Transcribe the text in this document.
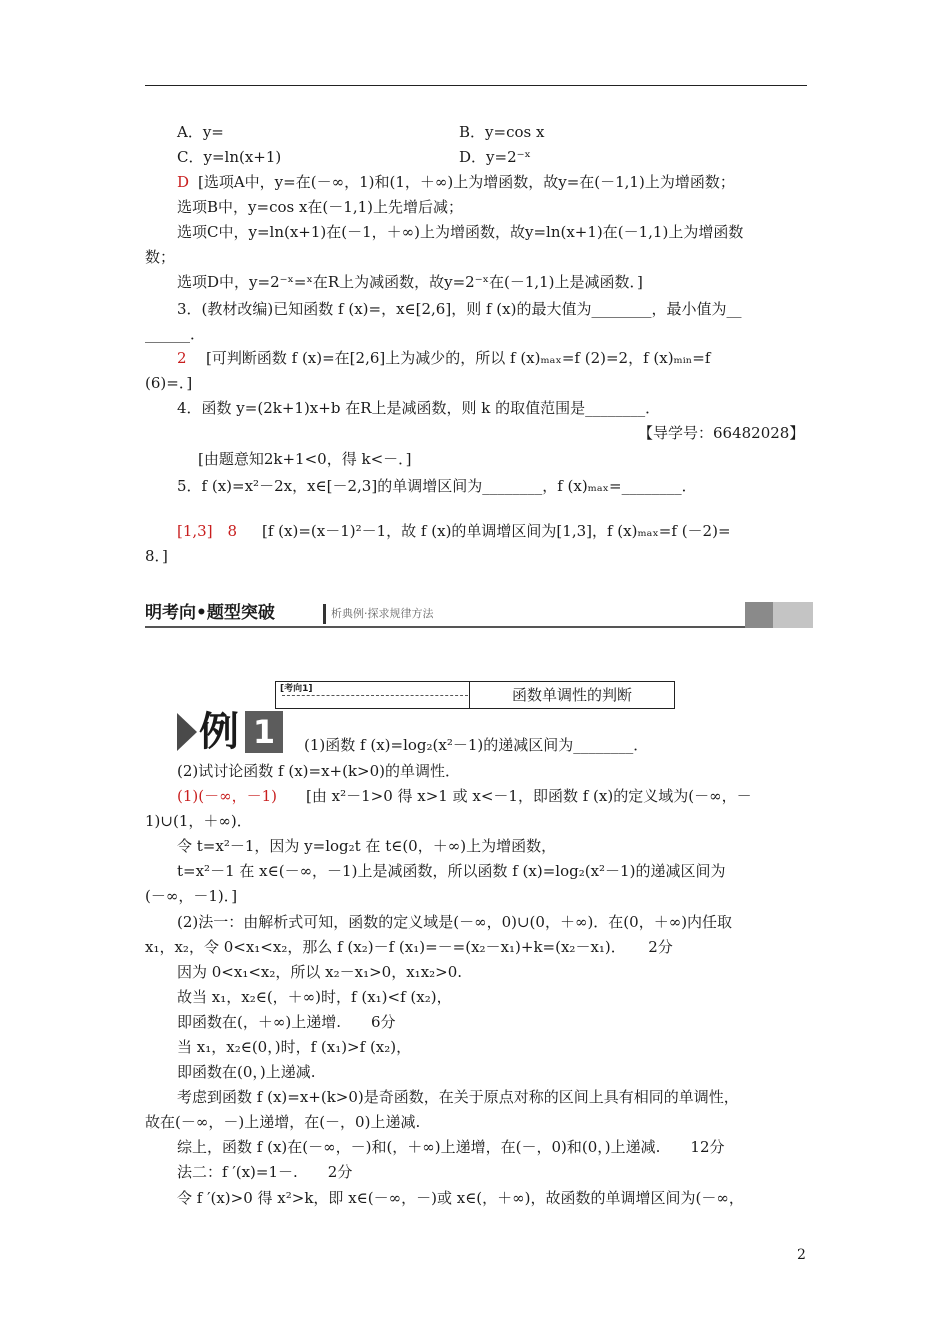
A．y=	B．y=cos x
C．y=ln(x+1)	D．y=2⁻ˣ
[选项A中，y=在(－∞，1)和(1，＋∞)上为增函数，故y=在(－1,1)上为增函数；
选项B中，y=cos x在(－1,1)上先增后减；
选项C中，y=ln(x+1)在(－1，＋∞)上为增函数，故y=ln(x+1)在(－1,1)上为增函数
数；
选项D中，y=2⁻ˣ=ˣ在R上为减函数，故y=2⁻ˣ在(－1,1)上是减函数．]
3．(教材改编)已知函数 f (x)=，x∈[2,6]，则 f (x)的最大值为________，最小值为__
______．
[可判断函数 f (x)=在[2,6]上为减少的，所以 f (x)ₘₐₓ=f (2)=2，f (x)ₘᵢₙ=f
(6)=．]
4．函数 y=(2k+1)x+b 在R上是减函数，则 k 的取值范围是________．
【导学号：66482028】
[由题意知2k+1<0，得 k<－．]
5．f (x)=x²－2x，x∈[－2,3]的单调增区间为________，f (x)ₘₐₓ=________．
[f (x)=(x－1)²－1，故 f (x)的单调增区间为[1,3]，f (x)ₘₐₓ=f (－2)=
8．]
(1)函数 f (x)=log₂(x²－1)的递减区间为________．
(2)试讨论函数 f (x)=x+(k>0)的单调性．
[由 x²－1>0 得 x>1 或 x<－1，即函数 f (x)的定义域为(－∞，－
1)∪(1，＋∞)．
令 t=x²－1，因为 y=log₂t 在 t∈(0，＋∞)上为增函数，
t=x²－1 在 x∈(－∞，－1)上是减函数，所以函数 f (x)=log₂(x²－1)的递减区间为
(－∞，－1)．]
(2)法一：由解析式可知，函数的定义域是(－∞，0)∪(0，＋∞)．在(0，＋∞)内任取
x₁，x₂，令 0<x₁<x₂，那么 f (x₂)－f (x₁)=－=(x₂－x₁)+k=(x₂－x₁)．　　2分
因为 0<x₁<x₂，所以 x₂－x₁>0，x₁x₂>0.
故当 x₁，x₂∈(，＋∞)时，f (x₁)<f (x₂)，
即函数在(，＋∞)上递增.　　6分
当 x₁，x₂∈(0，)时，f (x₁)>f (x₂)，
即函数在(0，)上递减.
考虑到函数 f (x)=x+(k>0)是奇函数，在关于原点对称的区间上具有相同的单调性，
故在(－∞，－)上递增，在(－，0)上递减.
综上，函数 f (x)在(－∞，－)和(，＋∞)上递增，在(－，0)和(0，)上递减.　　12分
法二：f ′(x)=1－.　　2分
令 f ′(x)>0 得 x²>k，即 x∈(－∞，－)或 x∈(，＋∞)，故函数的单调增区间为(－∞，
D
2
[1,3]　8
(1)(－∞，－1)
明考向•题型突破	析典例·探求规律方法
[考向1]	函数单调性的判断
例 1
2
